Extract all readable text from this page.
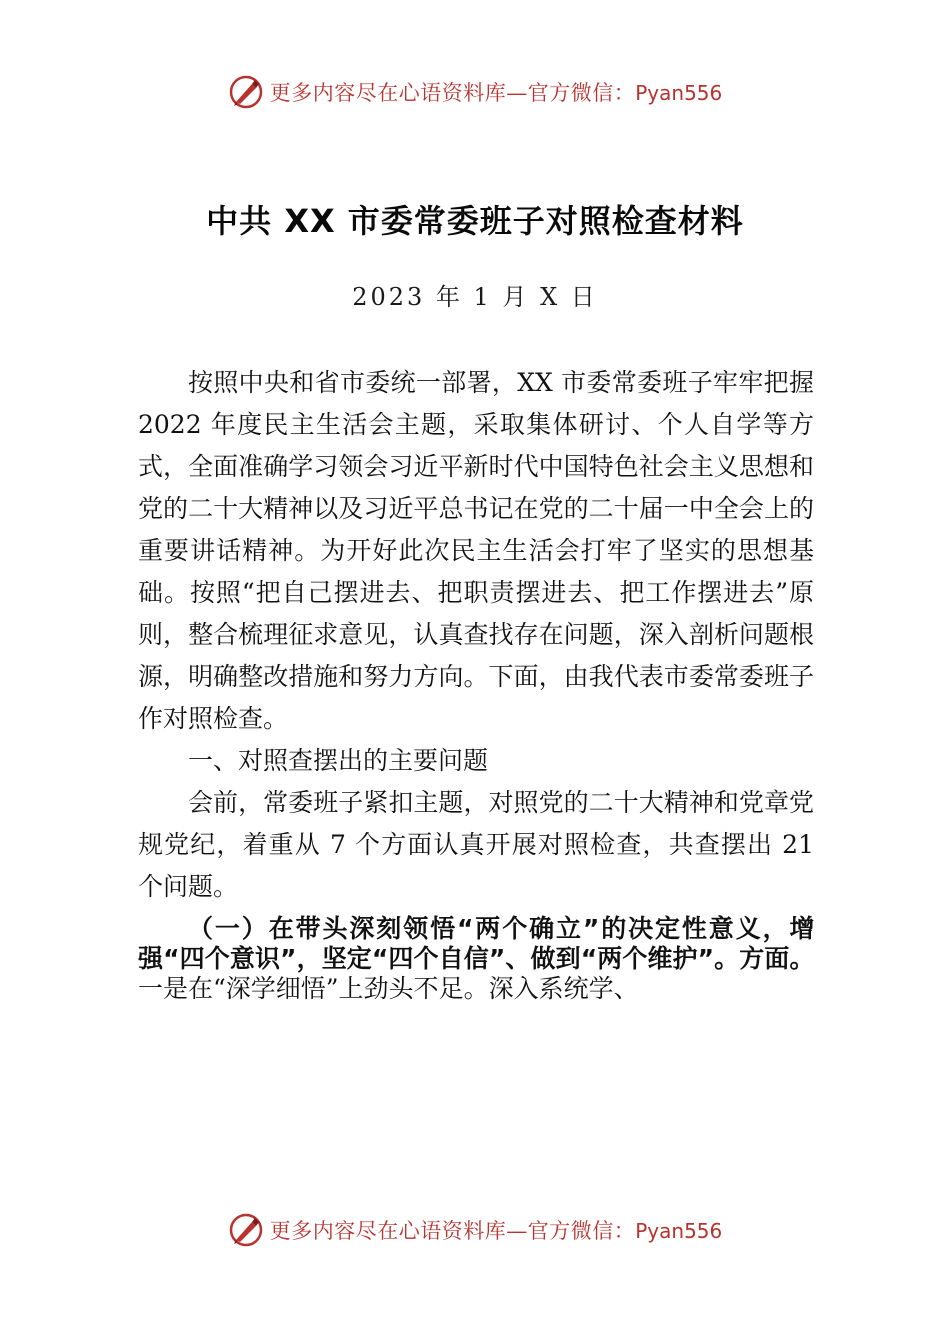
更多内容尽在心语资料库—官方微信：Pyan556
中共 XX 市委常委班子对照检查材料
2023 年 1 月 X 日

按照中央和省市委统一部署，XX 市委常委班子牢牢把握 2022 年度民主生活会主题，采取集体研讨、个人自学等方式，全面准确学习领会习近平新时代中国特色社会主义思想和党的二十大精神以及习近平总书记在党的二十届一中全会上的重要讲话精神。为开好此次民主生活会打牢了坚实的思想基础。按照“把自己摆进去、把职责摆进去、把工作摆进去”原则，整合梳理征求意见，认真查找存在问题，深入剖析问题根源，明确整改措施和努力方向。下面，由我代表市委常委班子作对照检查。

一、对照查摆出的主要问题

会前，常委班子紧扣主题，对照党的二十大精神和党章党规党纪，着重从 7 个方面认真开展对照检查，共查摆出 21 个问题。

（一）在带头深刻领悟“两个确立”的决定性意义，增强“四个意识”，坚定“四个自信”、做到“两个维护”。方面。一是在“深学细悟”上劲头不足。深入系统学、

更多内容尽在心语资料库—官方微信：Pyan556
